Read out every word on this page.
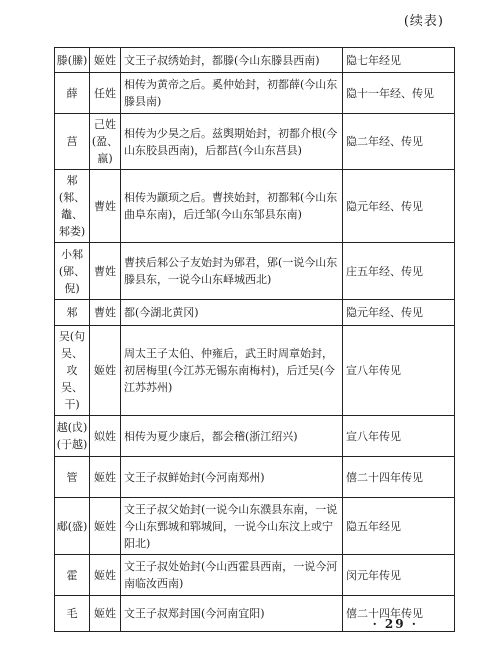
(续表)
滕(縢)	姬姓	文王子叔绣始封，都滕(今山东滕县西南)	隐七年经见
薛	任姓	相传为黄帝之后。奚仲始封，初都薛(今山东滕县南)	隐十一年经、传见
莒	己姓(盈、嬴)	相传为少昊之后。兹舆期始封，初都介根(今山东胶县西南)，后都莒(今山东莒县)	隐二年经、传见
邾(邾、鼄、邾娄)	曹姓	相传为颛顼之后。曹挟始封，初都邾(今山东曲阜东南)，后迁邹(今山东邹县东南)	隐元年经、传见
小邾(郳、倪)	曹姓	曹挟后邾公子友始封为郳君，郳(一说今山东滕县东，一说今山东峄城西北)	庄五年经、传见
邾	曹姓	都(今湖北黄冈)	隐元年经、传见
吴(句吴、攻吴、干)	姬姓	周太王子太伯、仲雍后，武王时周章始封，初居梅里(今江苏无锡东南梅村)，后迁吴(今江苏苏州)	宣八年传见
越(戉)(于越)	姒姓	相传为夏少康后，都会稽(浙江绍兴)	宣八年传见
管	姬姓	文王子叔鲜始封(今河南郑州)	僖二十四年传见
郕(盛)	姬姓	文王子叔父始封(一说今山东濮县东南，一说今山东鄄城和郓城间，一说今山东汶上或宁阳北)	隐五年经见
霍	姬姓	文王子叔处始封(今山西霍县西南，一说今河南临汝西南)	闵元年传见
毛	姬姓	文王子叔郑封国(今河南宜阳)	僖二十四年传见
· 29 ·
